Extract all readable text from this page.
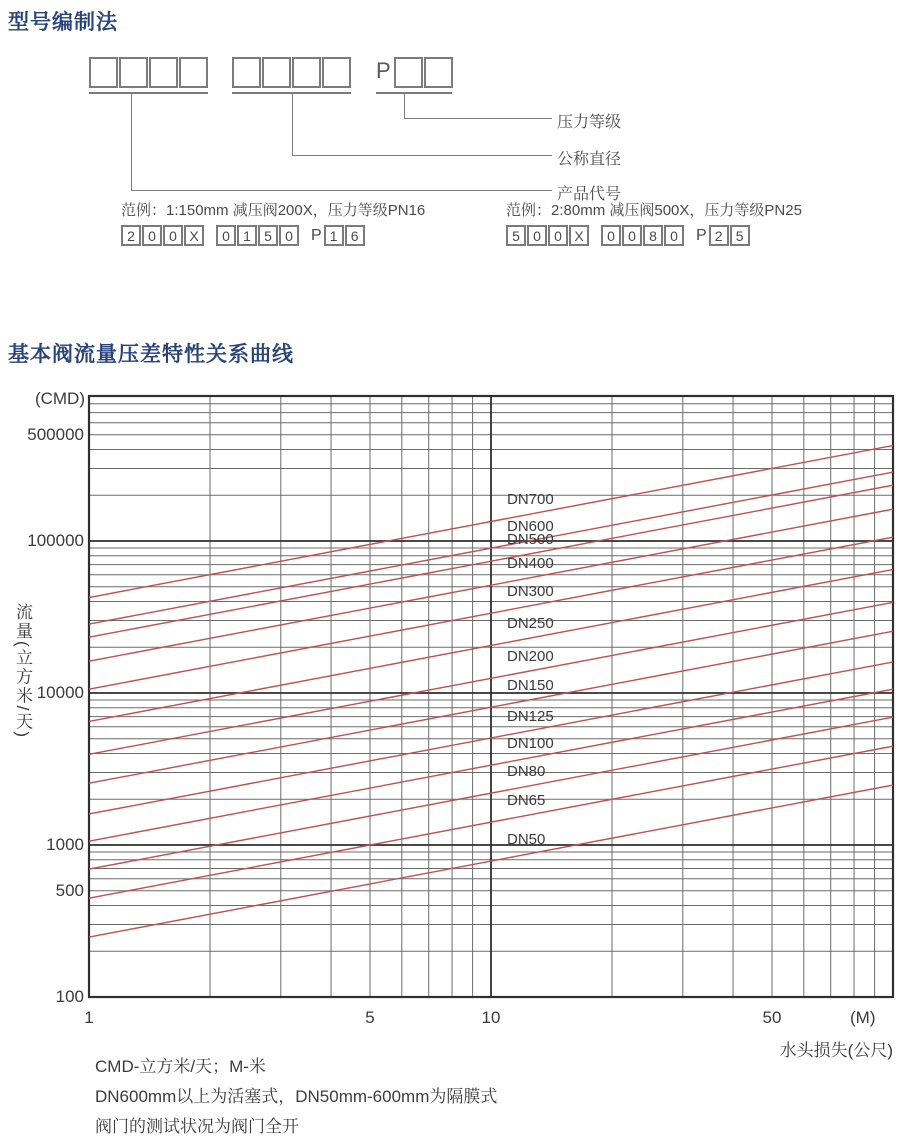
型号编制法
P
压力等级
公称直径
产品代号
范例：1:150mm 减压阀200X，压力等级PN16
2 0 0 X	0 1 5 0	P 1 6
范例：2:80mm 减压阀500X，压力等级PN25
5 0 0 X	0 0 8 0	P 2 5
基本阀流量压差特性关系曲线
(CMD)
流量(立方米/天)
500000
100000
10000
1000
500
100
1	5	10	50	(M)
水头损失(公尺)
DN700
DN600
DN500
DN400
DN300
DN250
DN200
DN150
DN125
DN100
DN80
DN65
DN50
CMD-立方米/天；M-米
DN600mm以上为活塞式，DN50mm-600mm为隔膜式
阀门的测试状况为阀门全开
